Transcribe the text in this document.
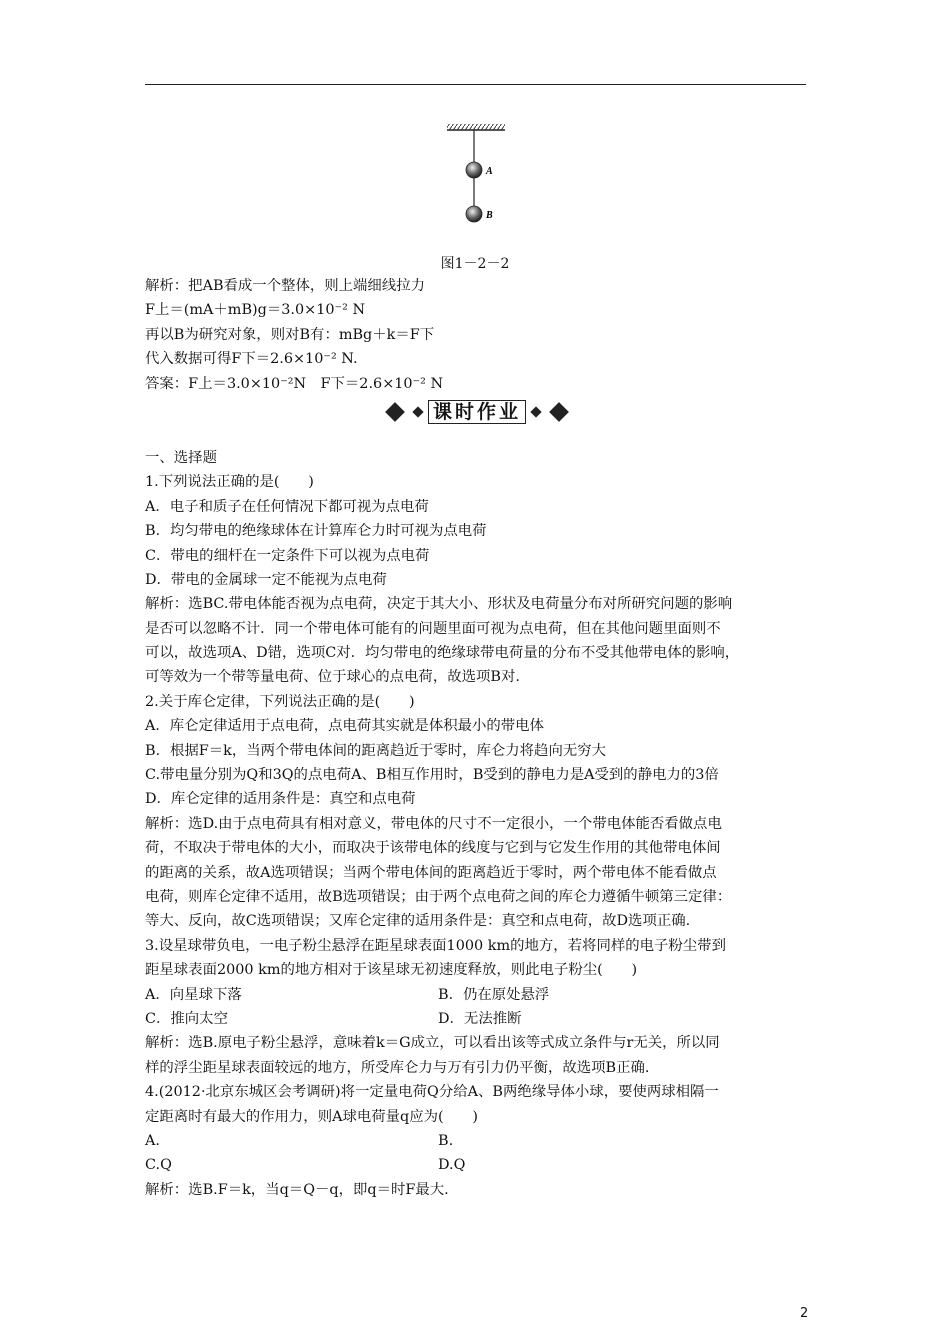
A
B
图1－2－2
解析：把AB看成一个整体，则上端细线拉力
F上＝(mA＋mB)g＝3.0×10⁻² N
再以B为研究对象，则对B有：mBg＋k＝F下
代入数据可得F下＝2.6×10⁻² N.
答案：F上＝3.0×10⁻²N　F下＝2.6×10⁻² N
课时作业
一、选择题
1.下列说法正确的是(　　)
A．电子和质子在任何情况下都可视为点电荷
B．均匀带电的绝缘球体在计算库仑力时可视为点电荷
C．带电的细杆在一定条件下可以视为点电荷
D．带电的金属球一定不能视为点电荷
解析：选BC.带电体能否视为点电荷，决定于其大小、形状及电荷量分布对所研究问题的影响
是否可以忽略不计．同一个带电体可能有的问题里面可视为点电荷，但在其他问题里面则不
可以，故选项A、D错，选项C对．均匀带电的绝缘球带电荷量的分布不受其他带电体的影响，
可等效为一个带等量电荷、位于球心的点电荷，故选项B对.
2.关于库仑定律，下列说法正确的是(　　)
A．库仑定律适用于点电荷，点电荷其实就是体积最小的带电体
B．根据F＝k，当两个带电体间的距离趋近于零时，库仑力将趋向无穷大
C.带电量分别为Q和3Q的点电荷A、B相互作用时，B受到的静电力是A受到的静电力的3倍
D．库仑定律的适用条件是：真空和点电荷
解析：选D.由于点电荷具有相对意义，带电体的尺寸不一定很小，一个带电体能否看做点电
荷，不取决于带电体的大小，而取决于该带电体的线度与它到与它发生作用的其他带电体间
的距离的关系，故A选项错误；当两个带电体间的距离趋近于零时，两个带电体不能看做点
电荷，则库仑定律不适用，故B选项错误；由于两个点电荷之间的库仑力遵循牛顿第三定律：
等大、反向，故C选项错误；又库仑定律的适用条件是：真空和点电荷，故D选项正确.
3.设星球带负电，一电子粉尘悬浮在距星球表面1000 km的地方，若将同样的电子粉尘带到
距星球表面2000 km的地方相对于该星球无初速度释放，则此电子粉尘(　　)
A．向星球下落	B．仍在原处悬浮
C．推向太空	D．无法推断
解析：选B.原电子粉尘悬浮，意味着k＝G成立，可以看出该等式成立条件与r无关，所以同
样的浮尘距星球表面较远的地方，所受库仑力与万有引力仍平衡，故选项B正确.
4.(2012·北京东城区会考调研)将一定量电荷Q分给A、B两绝缘导体小球，要使两球相隔一
定距离时有最大的作用力，则A球电荷量q应为(　　)
A.	B.
C.Q	D.Q
解析：选B.F＝k，当q＝Q－q，即q＝时F最大.
2
